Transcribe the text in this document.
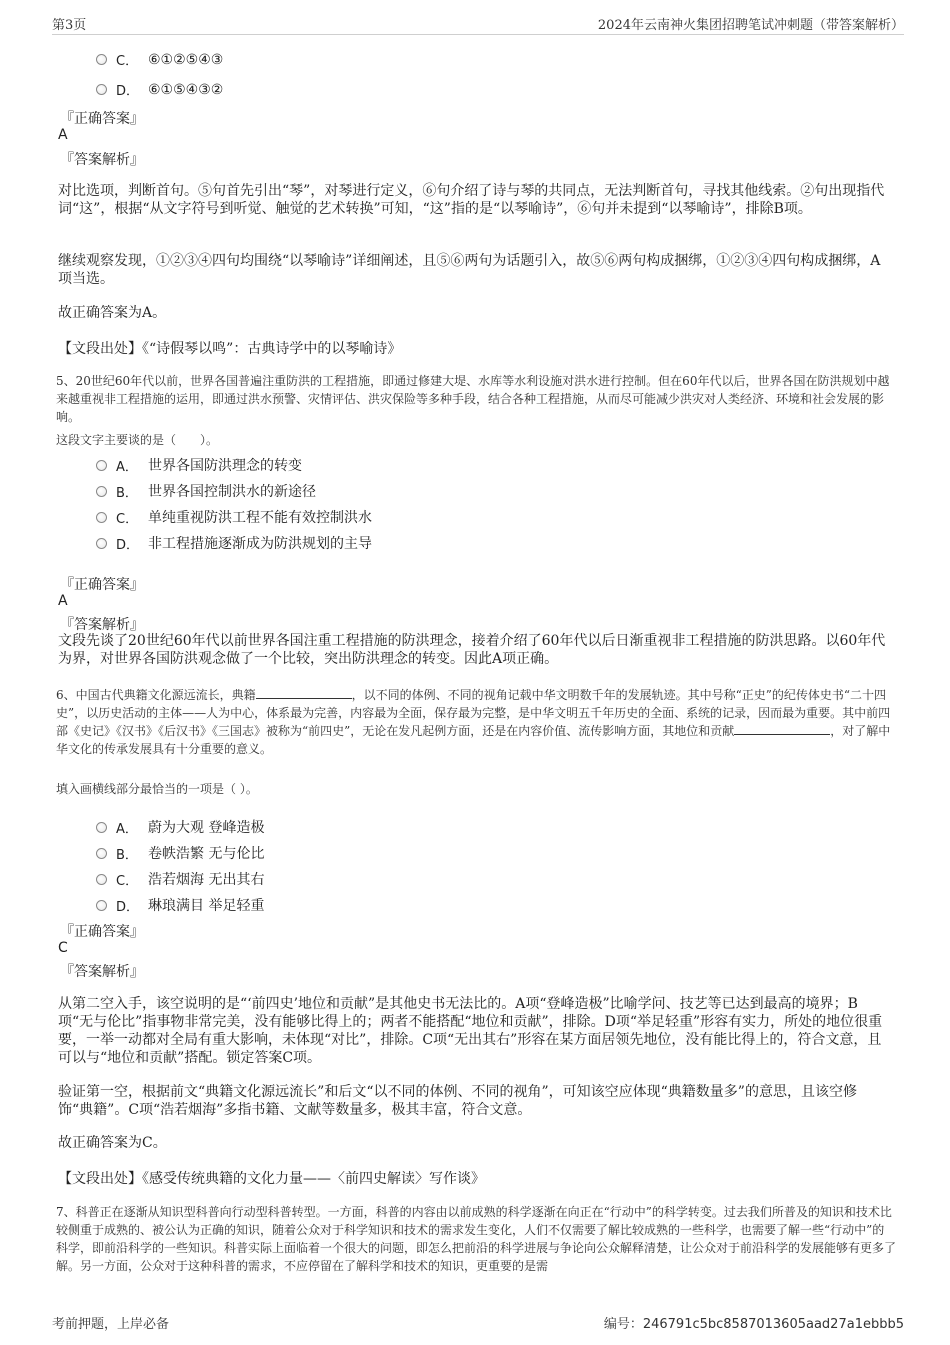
第3页	2024年云南神火集团招聘笔试冲刺题（带答案解析）
C． ⑥①②⑤④③
D． ⑥①⑤④③②
『正确答案』
A
『答案解析』
对比选项，判断首句。⑤句首先引出“琴”，对琴进行定义，⑥句介绍了诗与琴的共同点，无法判断首句，寻找其他线索。②句出现指代词“这”，根据“从文字符号到听觉、触觉的艺术转换”可知，“这”指的是“以琴喻诗”，⑥句并未提到“以琴喻诗”，排除B项。
继续观察发现，①②③④四句均围绕“以琴喻诗”详细阐述，且⑤⑥两句为话题引入，故⑤⑥两句构成捆绑，①②③④四句构成捆绑，A项当选。
故正确答案为A。
【文段出处】《“诗假琴以鸣”：古典诗学中的以琴喻诗》
5、20世纪60年代以前，世界各国普遍注重防洪的工程措施，即通过修建大堤、水库等水利设施对洪水进行控制。但在60年代以后，世界各国在防洪规划中越来越重视非工程措施的运用，即通过洪水预警、灾情评估、洪灾保险等多种手段，结合各种工程措施，从而尽可能减少洪灾对人类经济、环境和社会发展的影响。
这段文字主要谈的是（　　）。
A． 世界各国防洪理念的转变
B． 世界各国控制洪水的新途径
C． 单纯重视防洪工程不能有效控制洪水
D． 非工程措施逐渐成为防洪规划的主导
『正确答案』
A
『答案解析』
文段先谈了20世纪60年代以前世界各国注重工程措施的防洪理念，接着介绍了60年代以后日渐重视非工程措施的防洪思路。以60年代为界，对世界各国防洪观念做了一个比较，突出防洪理念的转变。因此A项正确。
6、中国古代典籍文化源远流长，典籍	，以不同的体例、不同的视角记载中华文明数千年的发展轨迹。其中号称“正史”的纪传体史书“二十四史”，以历史活动的主体——人为中心，体系最为完善，内容最为全面，保存最为完整，是中华文明五千年历史的全面、系统的记录，因而最为重要。其中前四部《史记》《汉书》《后汉书》《三国志》被称为“前四史”，无论在发凡起例方面，还是在内容价值、流传影响方面，其地位和贡献	，对了解中华文化的传承发展具有十分重要的意义。
填入画横线部分最恰当的一项是（ ）。
A． 蔚为大观 登峰造极
B． 卷帙浩繁 无与伦比
C． 浩若烟海 无出其右
D． 琳琅满目 举足轻重
『正确答案』
C
『答案解析』
从第二空入手，该空说明的是“‘前四史’地位和贡献”是其他史书无法比的。A项“登峰造极”比喻学问、技艺等已达到最高的境界；B项“无与伦比”指事物非常完美，没有能够比得上的；两者不能搭配“地位和贡献”，排除。D项“举足轻重”形容有实力，所处的地位很重要，一举一动都对全局有重大影响，未体现“对比”，排除。C项“无出其右”形容在某方面居领先地位，没有能比得上的，符合文意，且可以与“地位和贡献”搭配。锁定答案C项。
验证第一空，根据前文“典籍文化源远流长”和后文“以不同的体例、不同的视角”，可知该空应体现“典籍数量多”的意思，且该空修饰“典籍”。C项“浩若烟海”多指书籍、文献等数量多，极其丰富，符合文意。
故正确答案为C。
【文段出处】《感受传统典籍的文化力量——〈前四史解读〉写作谈》
7、科普正在逐渐从知识型科普向行动型科普转型。一方面，科普的内容由以前成熟的科学逐渐在向正在“行动中”的科学转变。过去我们所普及的知识和技术比较侧重于成熟的、被公认为正确的知识，随着公众对于科学知识和技术的需求发生变化，人们不仅需要了解比较成熟的一些科学，也需要了解一些“行动中”的科学，即前沿科学的一些知识。科普实际上面临着一个很大的问题，即怎么把前沿的科学进展与争论向公众解释清楚，让公众对于前沿科学的发展能够有更多了解。另一方面，公众对于这种科普的需求，不应停留在了解科学和技术的知识，更重要的是需
考前押题，上岸必备	编号：246791c5bc8587013605aad27a1ebbb5
